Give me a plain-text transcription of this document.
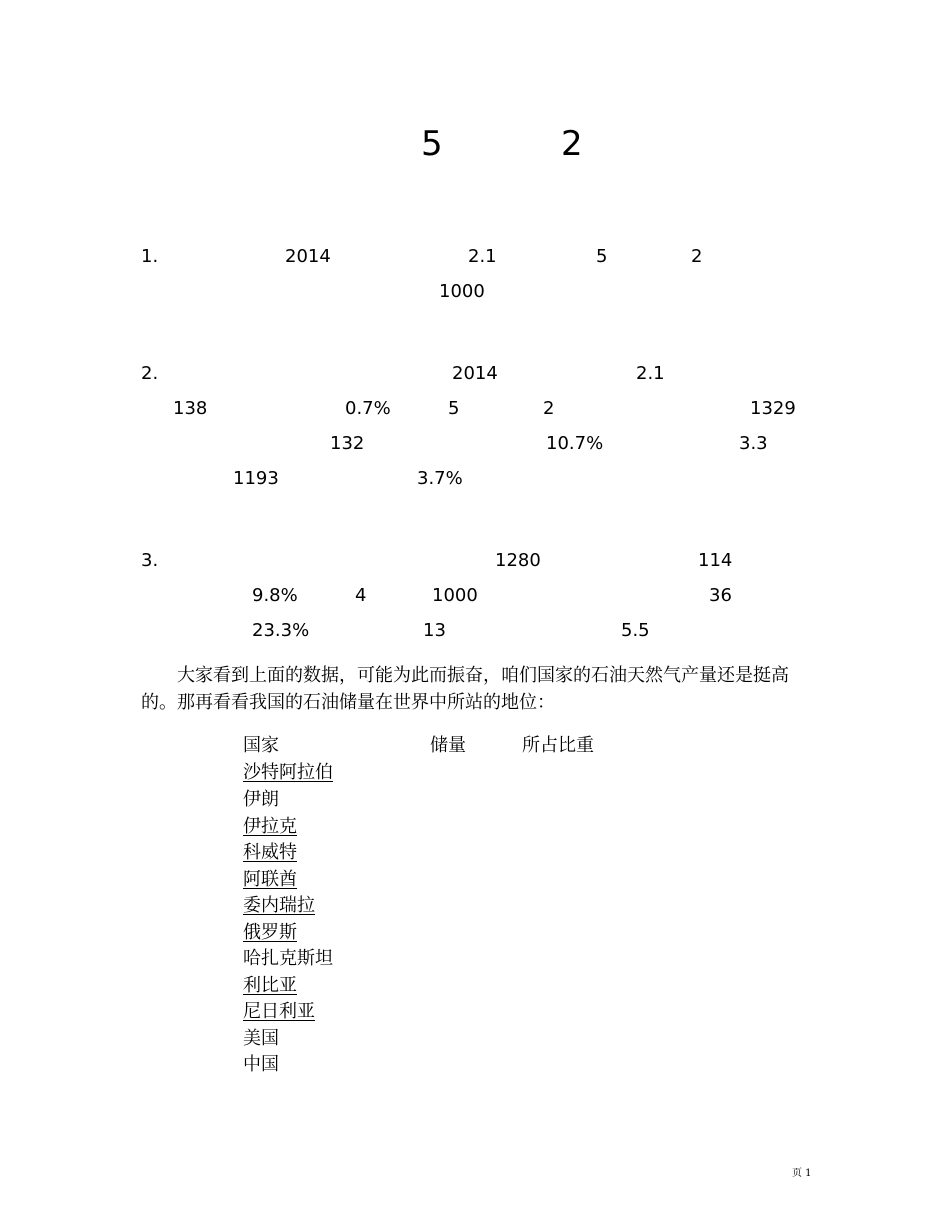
5	2
1.	2014	2.1	5	2
1000
2.	2014	2.1
138	0.7%	5	2	1329
132	10.7%	3.3
1193	3.7%
3.	1280	114
9.8%	4	1000	36
23.3%	13	5.5
大家看到上面的数据，可能为此而振奋，咱们国家的石油天然气产量还是挺高的。那再看看我国的石油储量在世界中所站的地位：
国家	储量	所占比重
沙特阿拉伯
伊朗
伊拉克
科威特
阿联酋
委内瑞拉
俄罗斯
哈扎克斯坦
利比亚
尼日利亚
美国
中国
页 1
